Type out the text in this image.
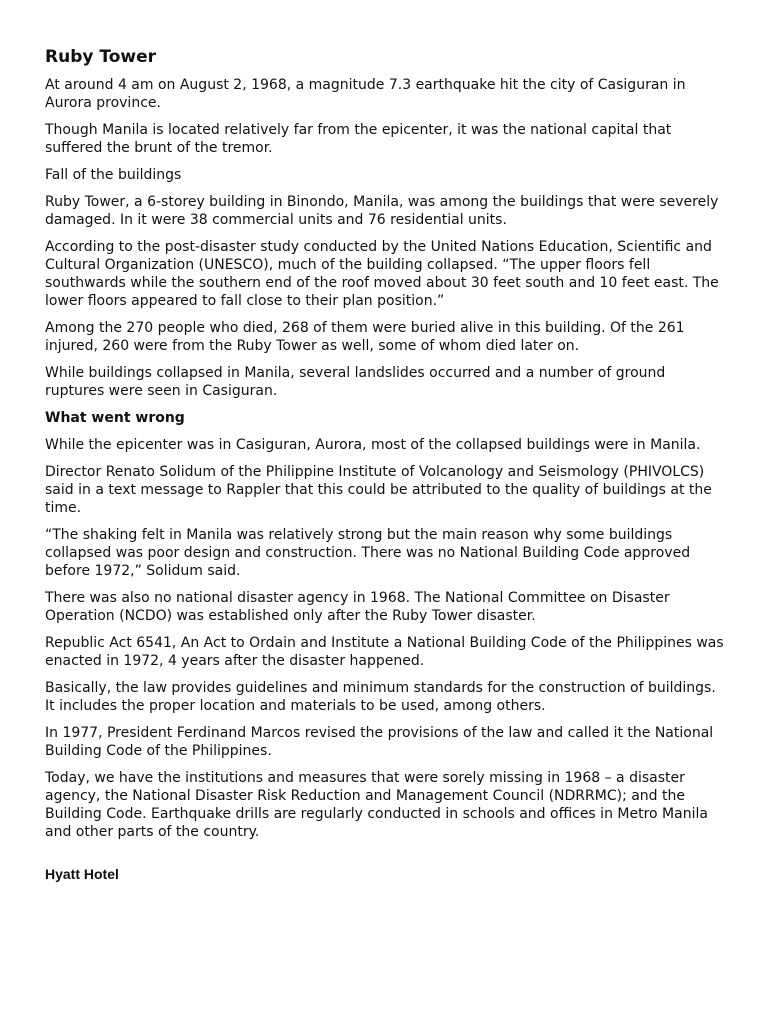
Ruby Tower

At around 4 am on August 2, 1968, a magnitude 7.3 earthquake hit the city of Casiguran in Aurora province.

Though Manila is located relatively far from the epicenter, it was the national capital that suffered the brunt of the tremor.

Fall of the buildings

Ruby Tower, a 6-storey building in Binondo, Manila, was among the buildings that were severely damaged. In it were 38 commercial units and 76 residential units.

According to the post-disaster study conducted by the United Nations Education, Scientific and Cultural Organization (UNESCO), much of the building collapsed. “The upper floors fell southwards while the southern end of the roof moved about 30 feet south and 10 feet east. The lower floors appeared to fall close to their plan position.”

Among the 270 people who died, 268 of them were buried alive in this building. Of the 261 injured, 260 were from the Ruby Tower as well, some of whom died later on.

While buildings collapsed in Manila, several landslides occurred and a number of ground ruptures were seen in Casiguran.

What went wrong

While the epicenter was in Casiguran, Aurora, most of the collapsed buildings were in Manila.

Director Renato Solidum of the Philippine Institute of Volcanology and Seismology (PHIVOLCS) said in a text message to Rappler that this could be attributed to the quality of buildings at the time.

“The shaking felt in Manila was relatively strong but the main reason why some buildings collapsed was poor design and construction. There was no National Building Code approved before 1972,” Solidum said.

There was also no national disaster agency in 1968. The National Committee on Disaster Operation (NCDO) was established only after the Ruby Tower disaster.

Republic Act 6541, An Act to Ordain and Institute a National Building Code of the Philippines was enacted in 1972, 4 years after the disaster happened.

Basically, the law provides guidelines and minimum standards for the construction of buildings. It includes the proper location and materials to be used, among others.

In 1977, President Ferdinand Marcos revised the provisions of the law and called it the National Building Code of the Philippines.

Today, we have the institutions and measures that were sorely missing in 1968 – a disaster agency, the National Disaster Risk Reduction and Management Council (NDRRMC); and the Building Code. Earthquake drills are regularly conducted in schools and offices in Metro Manila and other parts of the country.

Hyatt Hotel
